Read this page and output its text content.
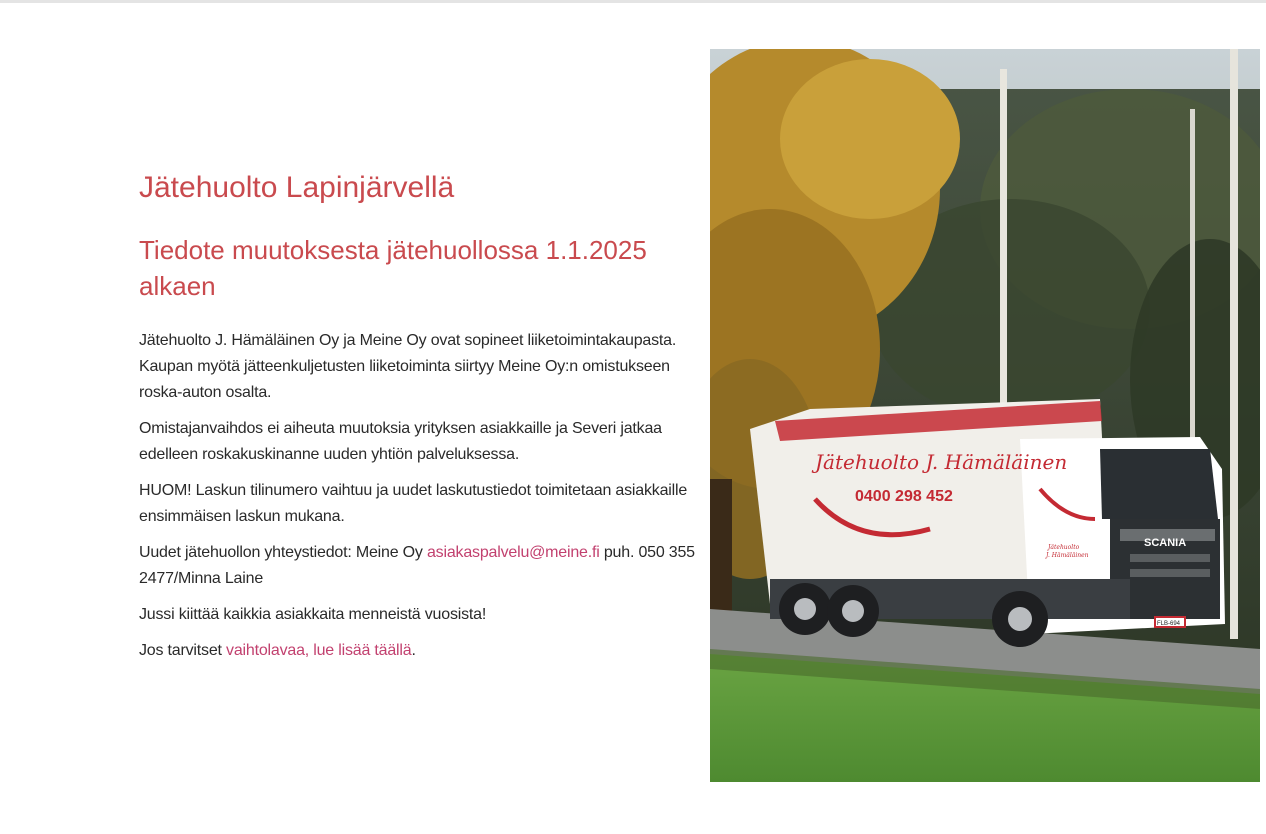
Jätehuolto Lapinjärvellä
Tiedote muutoksesta jätehuollossa 1.1.2025 alkaen

Jätehuolto J. Hämäläinen Oy ja Meine Oy ovat sopineet liiketoimintakaupasta. Kaupan myötä jätteenkuljetusten liiketoiminta siirtyy Meine Oy:n omistukseen roska-auton osalta.

Omistajanvaihdos ei aiheuta muutoksia yrityksen asiakkaille ja Severi jatkaa edelleen roskakuskinanne uuden yhtiön palveluksessa.

HUOM! Laskun tilinumero vaihtuu ja uudet laskutustiedot toimitetaan asiakkaille ensimmäisen laskun mukana.

Uudet jätehuollon yhteystiedot: Meine Oy asiakaspalvelu@meine.fi puh. 050 355 2477/Minna Laine

Jussi kiittää kaikkia asiakkaita menneistä vuosista!

Jos tarvitset vaihtolavaa, lue lisää täällä.

Jätehuolto J. Hämäläinen
0400 298 452
SCANIA
Jätehuolto
J. Hämäläinen
FLB-694
